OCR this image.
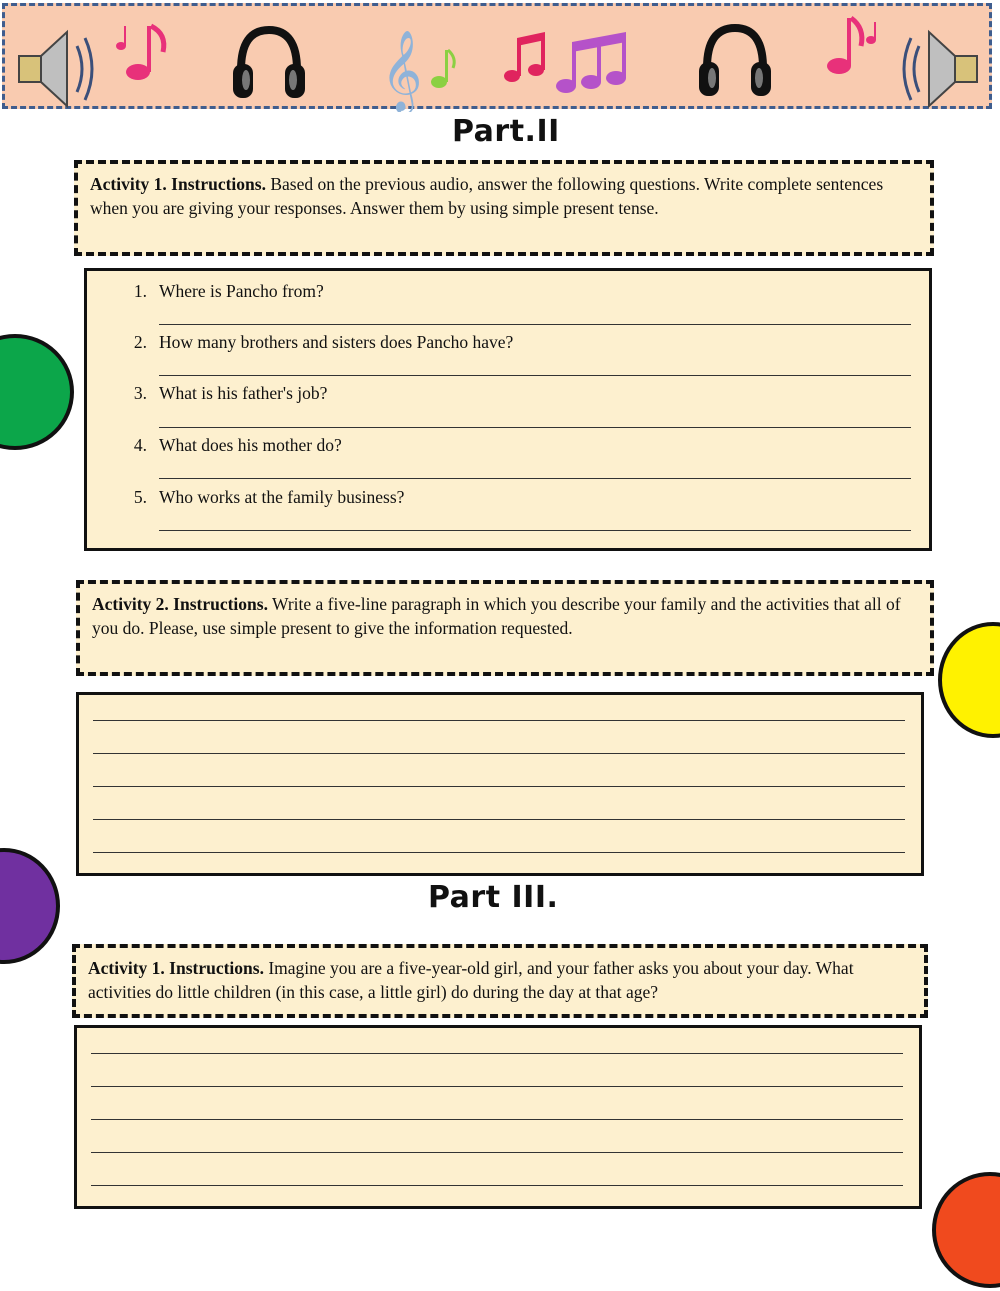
𝄞
Part.II
Activity 1. Instructions. Based on the previous audio, answer the following questions. Write complete sentences when you are giving your responses. Answer them by using simple present tense.
1. Where is Pancho from?
2. How many brothers and sisters does Pancho have?
3. What is his father's job?
4. What does his mother do?
5. Who works at the family business?
Activity 2. Instructions. Write a five-line paragraph in which you describe your family and the activities that all of you do. Please, use simple present to give the information requested.
Part III.
Activity 1. Instructions. Imagine you are a five-year-old girl, and your father asks you about your day. What activities do little children (in this case, a little girl) do during the day at that age?
